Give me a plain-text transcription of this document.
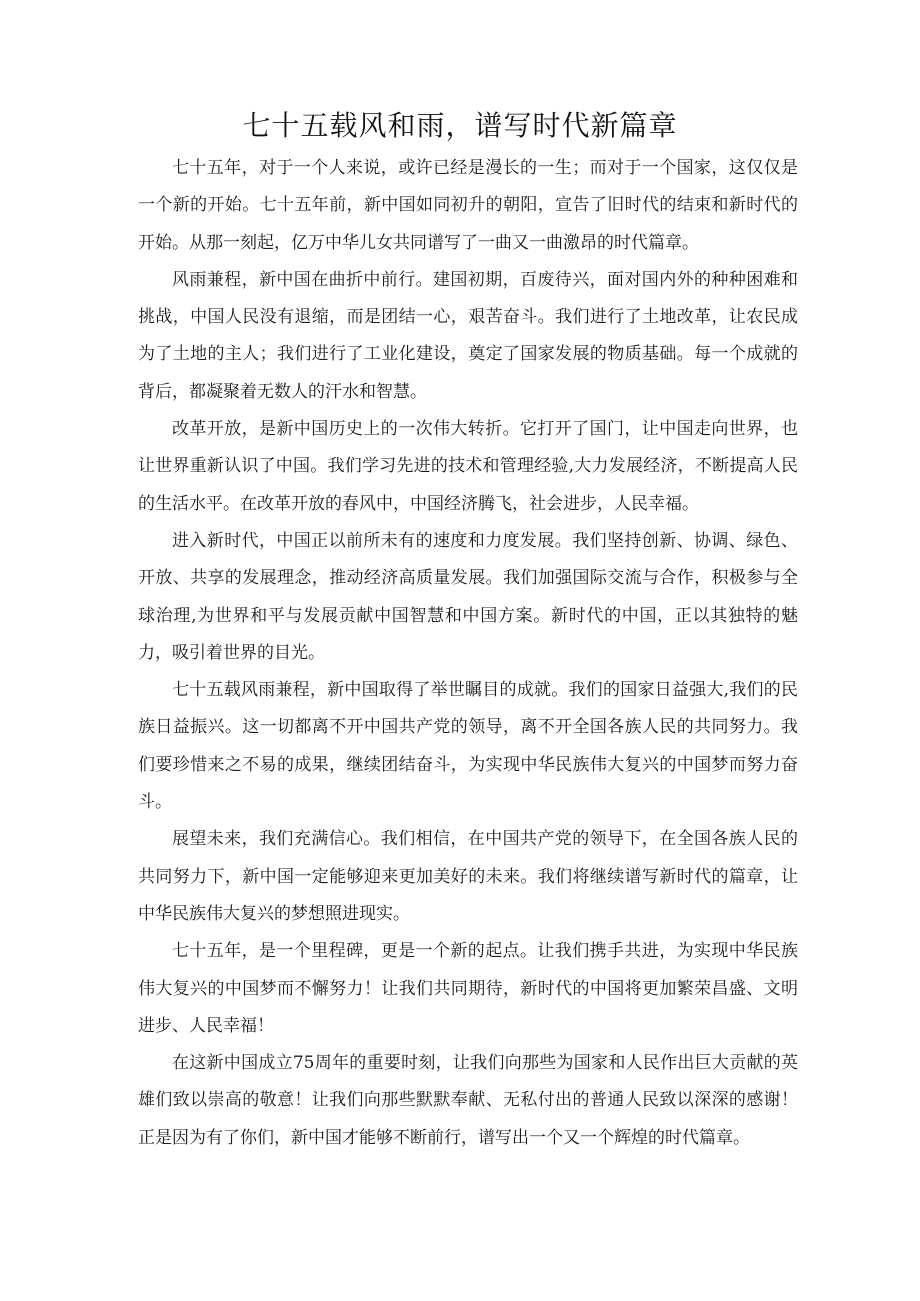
七十五载风和雨，谱写时代新篇章

七十五年，对于一个人来说，或许已经是漫长的一生；而对于一个国家，这仅仅是一个新的开始。七十五年前，新中国如同初升的朝阳，宣告了旧时代的结束和新时代的开始。从那一刻起，亿万中华儿女共同谱写了一曲又一曲激昂的时代篇章。

风雨兼程，新中国在曲折中前行。建国初期，百废待兴，面对国内外的种种困难和挑战，中国人民没有退缩，而是团结一心，艰苦奋斗。我们进行了土地改革，让农民成为了土地的主人；我们进行了工业化建设，奠定了国家发展的物质基础。每一个成就的背后，都凝聚着无数人的汗水和智慧。

改革开放，是新中国历史上的一次伟大转折。它打开了国门，让中国走向世界，也让世界重新认识了中国。我们学习先进的技术和管理经验,大力发展经济，不断提高人民的生活水平。在改革开放的春风中，中国经济腾飞，社会进步，人民幸福。

进入新时代，中国正以前所未有的速度和力度发展。我们坚持创新、协调、绿色、开放、共享的发展理念，推动经济高质量发展。我们加强国际交流与合作，积极参与全球治理,为世界和平与发展贡献中国智慧和中国方案。新时代的中国，正以其独特的魅力，吸引着世界的目光。

七十五载风雨兼程，新中国取得了举世瞩目的成就。我们的国家日益强大,我们的民族日益振兴。这一切都离不开中国共产党的领导，离不开全国各族人民的共同努力。我们要珍惜来之不易的成果，继续团结奋斗，为实现中华民族伟大复兴的中国梦而努力奋斗。

展望未来，我们充满信心。我们相信，在中国共产党的领导下，在全国各族人民的共同努力下，新中国一定能够迎来更加美好的未来。我们将继续谱写新时代的篇章，让中华民族伟大复兴的梦想照进现实。

七十五年，是一个里程碑，更是一个新的起点。让我们携手共进，为实现中华民族伟大复兴的中国梦而不懈努力！让我们共同期待，新时代的中国将更加繁荣昌盛、文明进步、人民幸福！

在这新中国成立75周年的重要时刻，让我们向那些为国家和人民作出巨大贡献的英雄们致以崇高的敬意！让我们向那些默默奉献、无私付出的普通人民致以深深的感谢！正是因为有了你们，新中国才能够不断前行，谱写出一个又一个辉煌的时代篇章。
